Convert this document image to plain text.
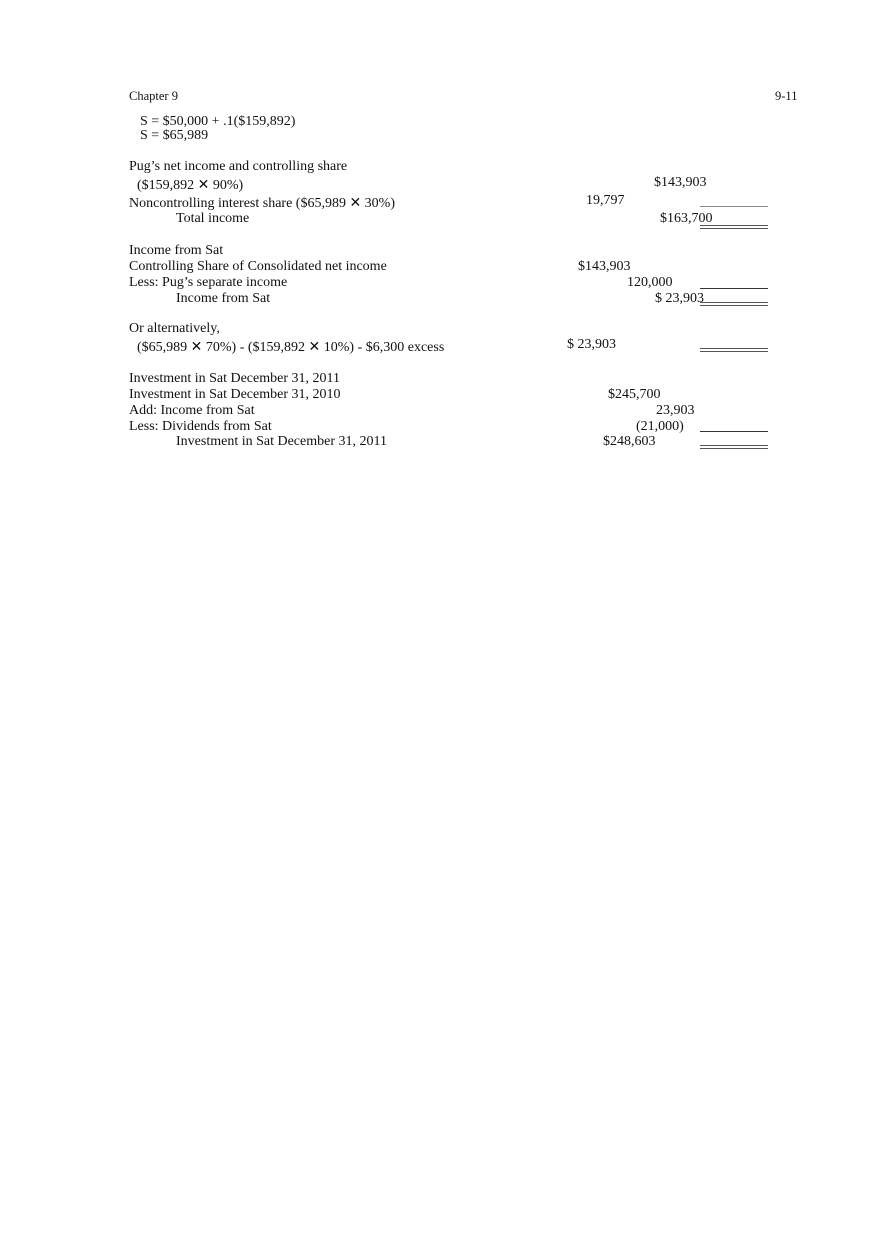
Chapter 9	9-11
S = $50,000 + .1($159,892)
S = $65,989
Pug’s net income and controlling share
($159,892 ✕ 90%)	$143,903
Noncontrolling interest share ($65,989 ✕ 30%)	19,797
Total income	$163,700
Income from Sat
Controlling Share of Consolidated net income	$143,903
Less: Pug’s separate income	120,000
Income from Sat	$ 23,903
Or alternatively,
($65,989 ✕ 70%) - ($159,892 ✕ 10%) - $6,300 excess	$ 23,903
Investment in Sat December 31, 2011
Investment in Sat December 31, 2010	$245,700
Add: Income from Sat	23,903
Less: Dividends from Sat	(21,000)
Investment in Sat December 31, 2011	$248,603
